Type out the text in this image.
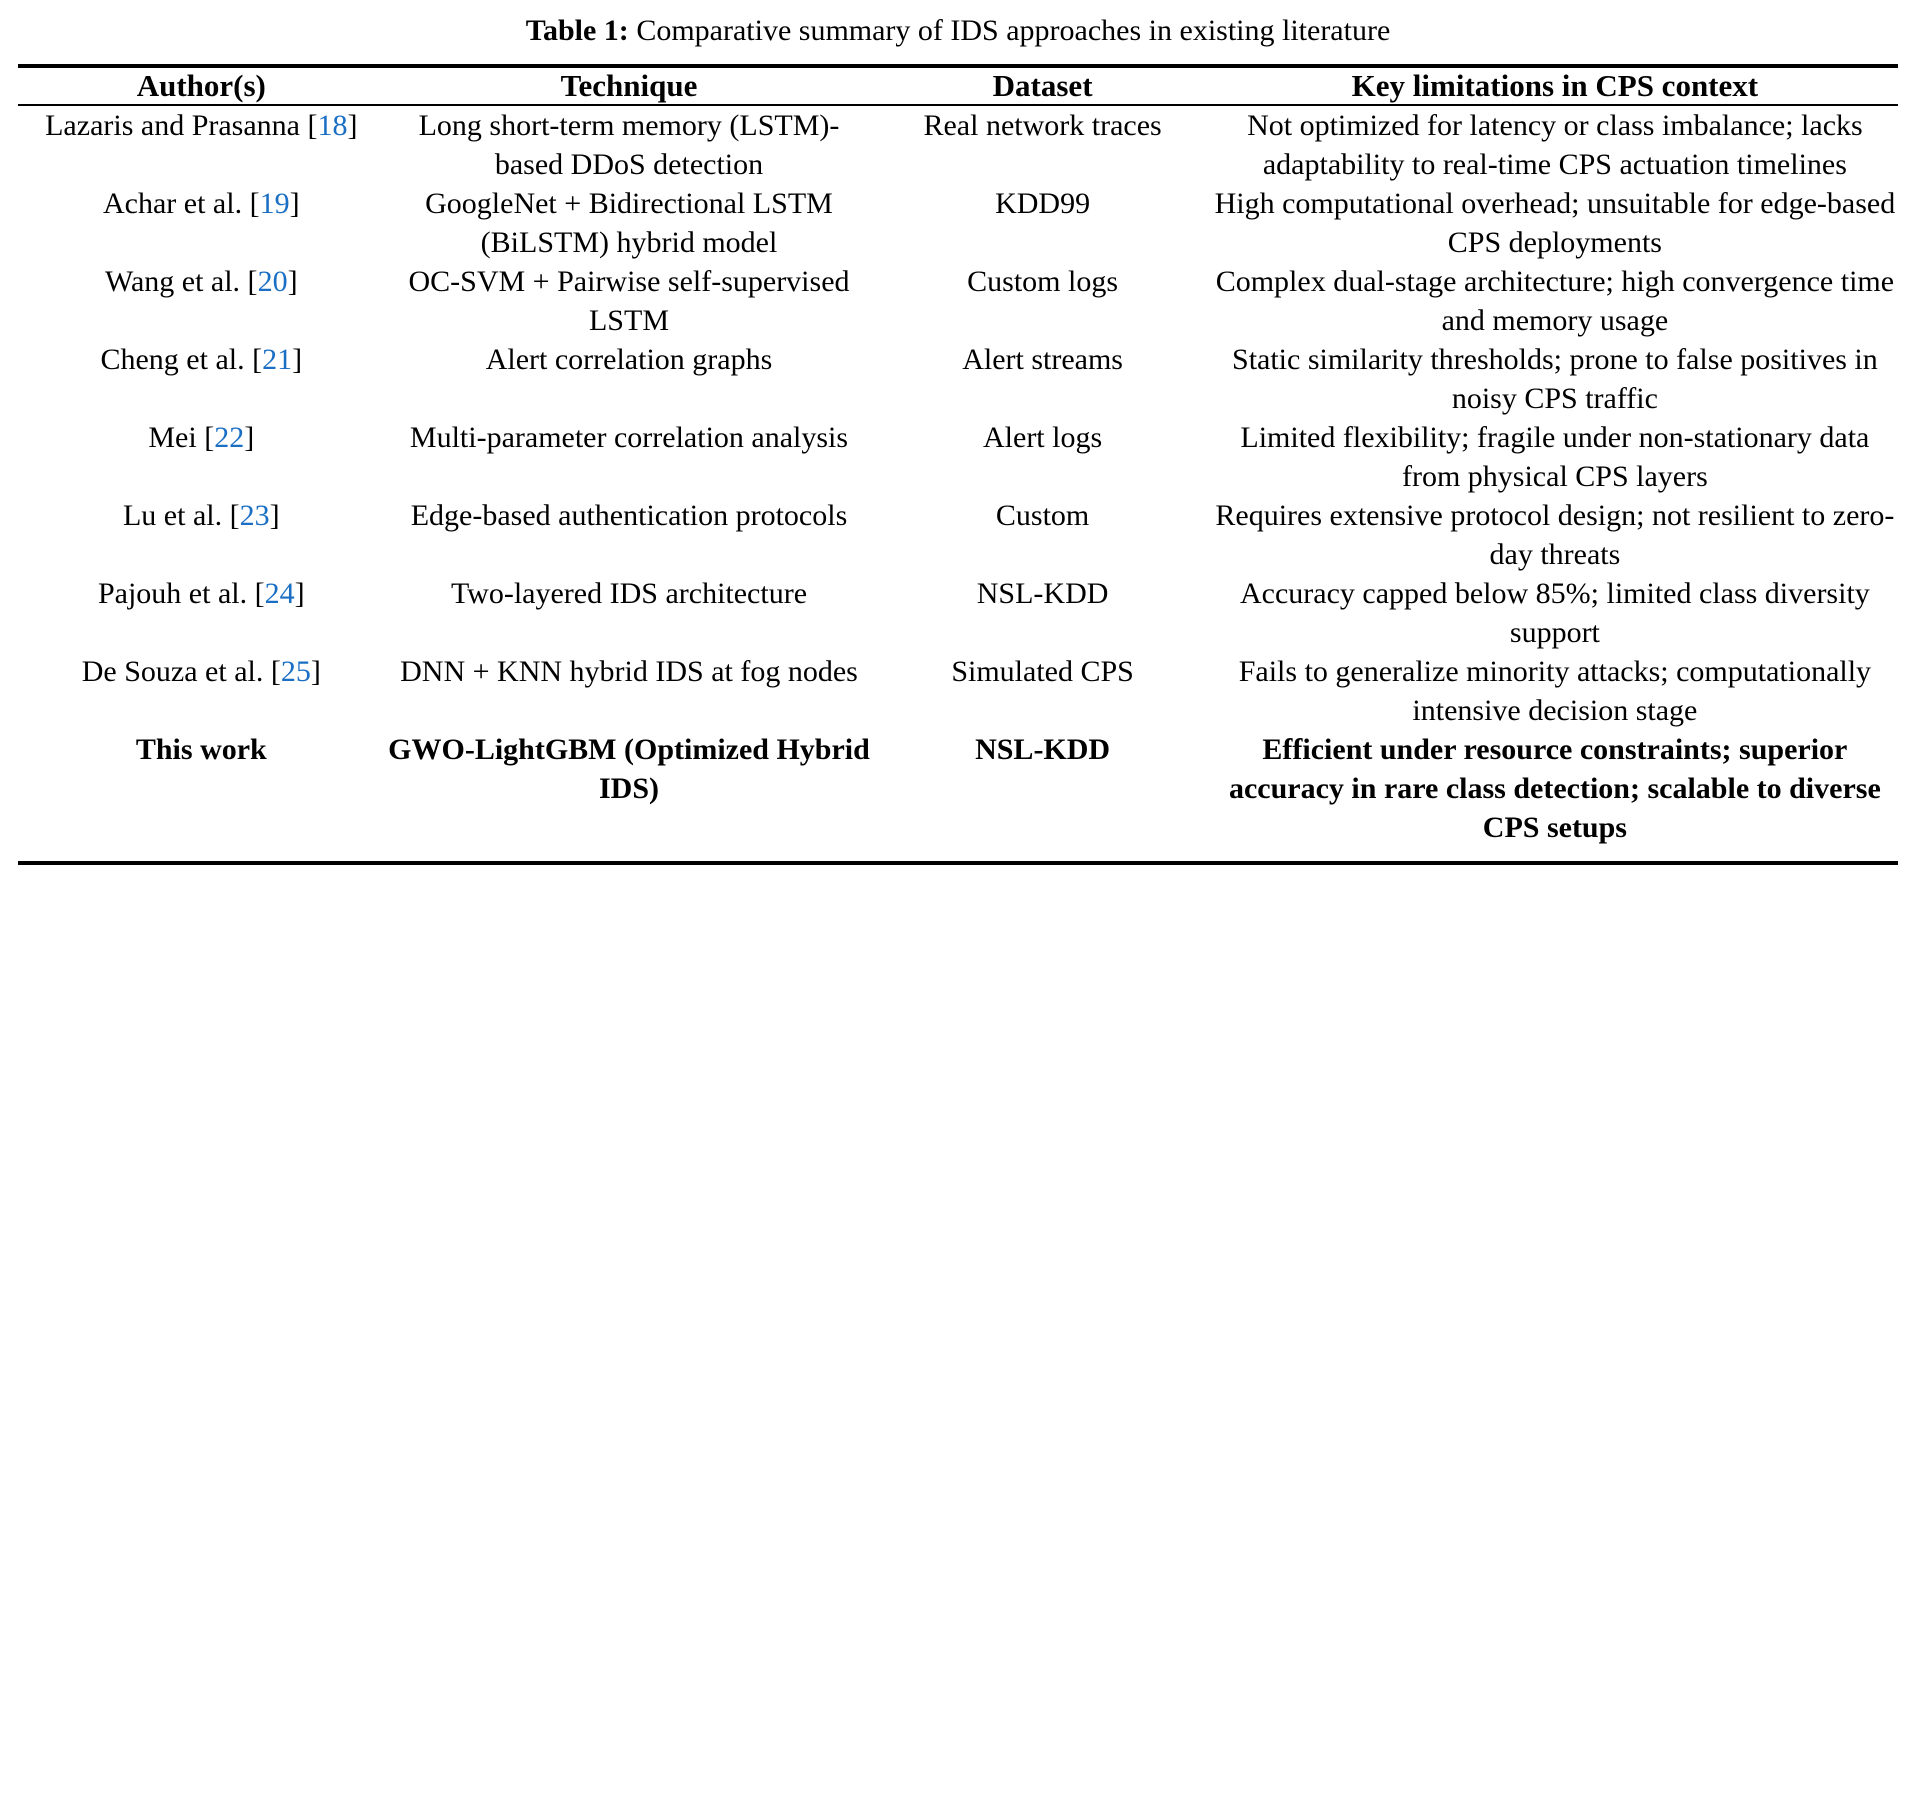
Table 1: Comparative summary of IDS approaches in existing literature
Author(s)	Technique	Dataset	Key limitations in CPS context
Lazaris and Prasanna [18]	Long short-term memory (LSTM)-based DDoS detection	Real network traces	Not optimized for latency or class imbalance; lacks adaptability to real-time CPS actuation timelines
Achar et al. [19]	GoogleNet + Bidirectional LSTM (BiLSTM) hybrid model	KDD99	High computational overhead; unsuitable for edge-based CPS deployments
Wang et al. [20]	OC-SVM + Pairwise self-supervised LSTM	Custom logs	Complex dual-stage architecture; high convergence time and memory usage
Cheng et al. [21]	Alert correlation graphs	Alert streams	Static similarity thresholds; prone to false positives in noisy CPS traffic
Mei [22]	Multi-parameter correlation analysis	Alert logs	Limited flexibility; fragile under non-stationary data from physical CPS layers
Lu et al. [23]	Edge-based authentication protocols	Custom	Requires extensive protocol design; not resilient to zero-day threats
Pajouh et al. [24]	Two-layered IDS architecture	NSL-KDD	Accuracy capped below 85%; limited class diversity support
De Souza et al. [25]	DNN + KNN hybrid IDS at fog nodes	Simulated CPS	Fails to generalize minority attacks; computationally intensive decision stage
This work	GWO-LightGBM (Optimized Hybrid IDS)	NSL-KDD	Efficient under resource constraints; superior accuracy in rare class detection; scalable to diverse CPS setups
